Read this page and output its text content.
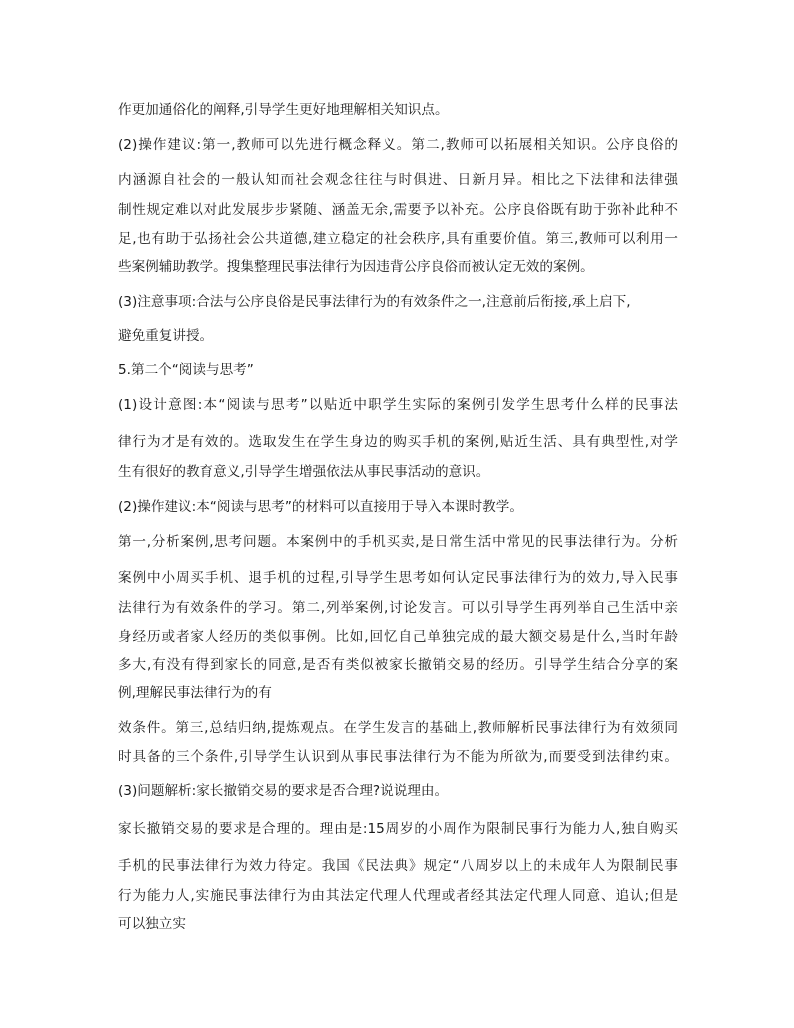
作更加通俗化的阐释,引导学生更好地理解相关知识点。
(2)操作建议:第一,教师可以先进行概念释义。第二,教师可以拓展相关知识。公序良俗的
内涵源自社会的一般认知而社会观念往往与时俱进、日新月异。相比之下法律和法律强
制性规定难以对此发展步步紧随、涵盖无余,需要予以补充。公序良俗既有助于弥补此种不
足,也有助于弘扬社会公共道德,建立稳定的社会秩序,具有重要价值。第三,教师可以利用一
些案例辅助教学。搜集整理民事法律行为因违背公序良俗而被认定无效的案例。
(3)注意事项:合法与公序良俗是民事法律行为的有效条件之一,注意前后衔接,承上启下,
避免重复讲授。
5.第二个“阅读与思考”
(1)设计意图:本“阅读与思考”以贴近中职学生实际的案例引发学生思考什么样的民事法
律行为才是有效的。选取发生在学生身边的购买手机的案例,贴近生活、具有典型性,对学
生有很好的教育意义,引导学生增强依法从事民事活动的意识。
(2)操作建议:本“阅读与思考”的材料可以直接用于导入本课时教学。
第一,分析案例,思考问题。本案例中的手机买卖,是日常生活中常见的民事法律行为。分析
案例中小周买手机、退手机的过程,引导学生思考如何认定民事法律行为的效力,导入民事
法律行为有效条件的学习。第二,列举案例,讨论发言。可以引导学生再列举自己生活中亲
身经历或者家人经历的类似事例。比如,回忆自己单独完成的最大额交易是什么,当时年龄
多大,有没有得到家长的同意,是否有类似被家长撤销交易的经历。引导学生结合分享的案
例,理解民事法律行为的有
效条件。第三,总结归纳,提炼观点。在学生发言的基础上,教师解析民事法律行为有效须同
时具备的三个条件,引导学生认识到从事民事法律行为不能为所欲为,而要受到法律约束。
(3)问题解析:家长撤销交易的要求是否合理?说说理由。
家长撤销交易的要求是合理的。理由是:15周岁的小周作为限制民事行为能力人,独自购买
手机的民事法律行为效力待定。我国《民法典》规定“八周岁以上的未成年人为限制民事
行为能力人,实施民事法律行为由其法定代理人代理或者经其法定代理人同意、追认;但是
可以独立实
